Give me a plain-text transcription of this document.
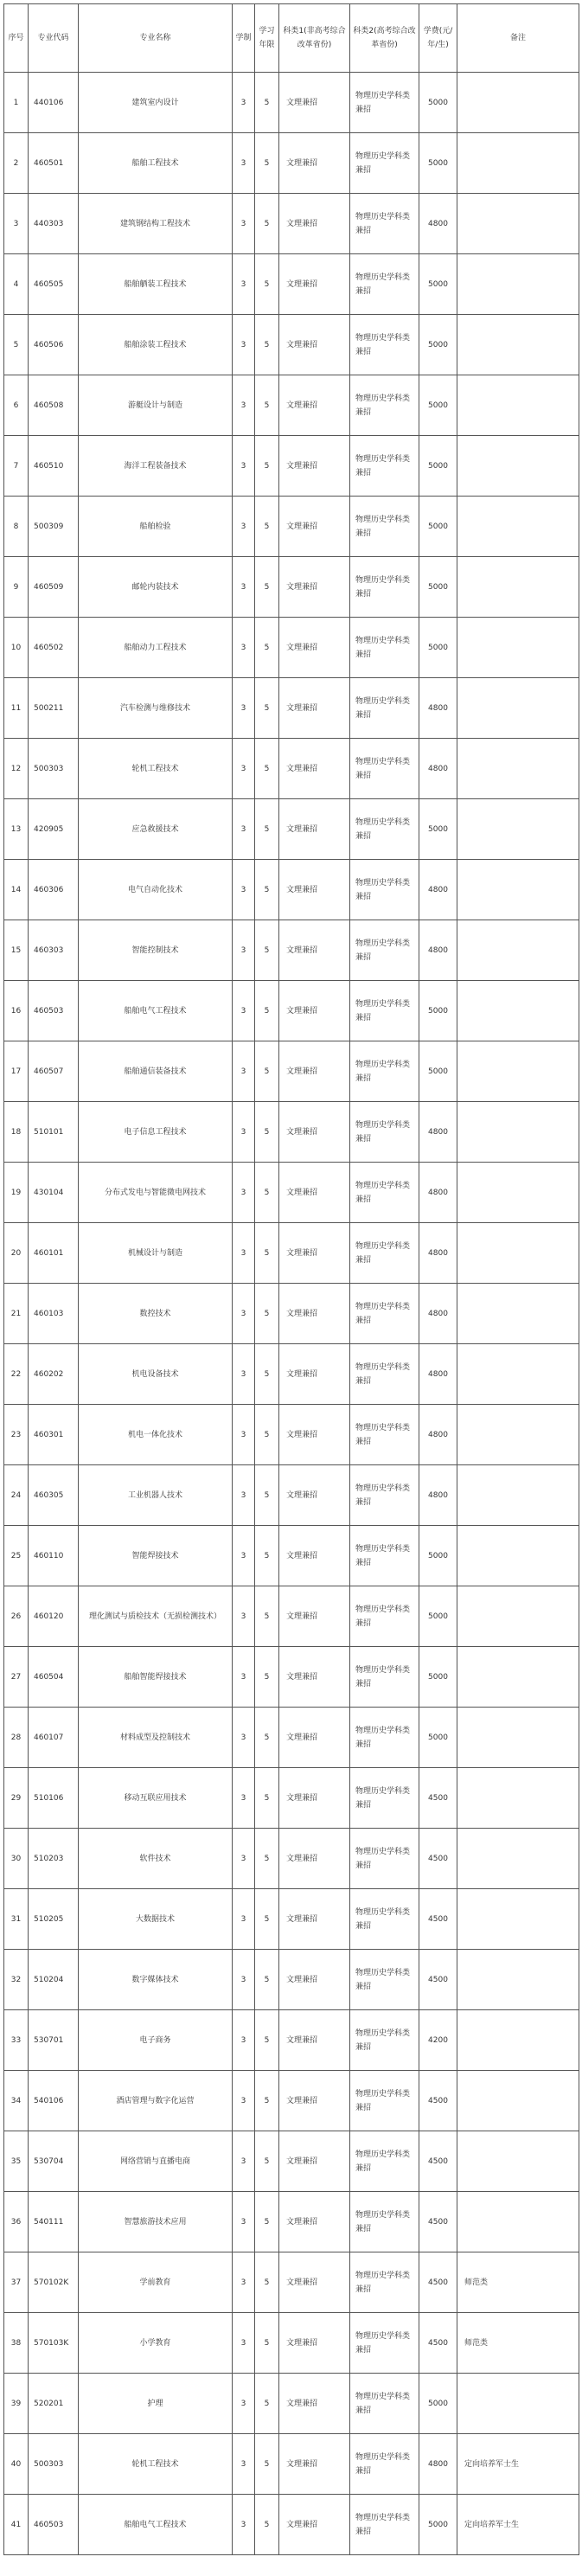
序号	专业代码	专业名称	学制	学习年限	科类1(非高考综合改革省份)	科类2(高考综合改革省份)	学费(元/年/生)	备注
1	440106	建筑室内设计	3	5	文理兼招	物理历史学科类兼招	5000	
2	460501	船舶工程技术	3	5	文理兼招	物理历史学科类兼招	5000	
3	440303	建筑钢结构工程技术	3	5	文理兼招	物理历史学科类兼招	4800	
4	460505	船舶舾装工程技术	3	5	文理兼招	物理历史学科类兼招	5000	
5	460506	船舶涂装工程技术	3	5	文理兼招	物理历史学科类兼招	5000	
6	460508	游艇设计与制造	3	5	文理兼招	物理历史学科类兼招	5000	
7	460510	海洋工程装备技术	3	5	文理兼招	物理历史学科类兼招	5000	
8	500309	船舶检验	3	5	文理兼招	物理历史学科类兼招	5000	
9	460509	邮轮内装技术	3	5	文理兼招	物理历史学科类兼招	5000	
10	460502	船舶动力工程技术	3	5	文理兼招	物理历史学科类兼招	5000	
11	500211	汽车检测与维修技术	3	5	文理兼招	物理历史学科类兼招	4800	
12	500303	轮机工程技术	3	5	文理兼招	物理历史学科类兼招	4800	
13	420905	应急救援技术	3	5	文理兼招	物理历史学科类兼招	5000	
14	460306	电气自动化技术	3	5	文理兼招	物理历史学科类兼招	4800	
15	460303	智能控制技术	3	5	文理兼招	物理历史学科类兼招	4800	
16	460503	船舶电气工程技术	3	5	文理兼招	物理历史学科类兼招	5000	
17	460507	船舶通信装备技术	3	5	文理兼招	物理历史学科类兼招	5000	
18	510101	电子信息工程技术	3	5	文理兼招	物理历史学科类兼招	4800	
19	430104	分布式发电与智能微电网技术	3	5	文理兼招	物理历史学科类兼招	4800	
20	460101	机械设计与制造	3	5	文理兼招	物理历史学科类兼招	4800	
21	460103	数控技术	3	5	文理兼招	物理历史学科类兼招	4800	
22	460202	机电设备技术	3	5	文理兼招	物理历史学科类兼招	4800	
23	460301	机电一体化技术	3	5	文理兼招	物理历史学科类兼招	4800	
24	460305	工业机器人技术	3	5	文理兼招	物理历史学科类兼招	4800	
25	460110	智能焊接技术	3	5	文理兼招	物理历史学科类兼招	5000	
26	460120	理化测试与质检技术（无损检测技术）	3	5	文理兼招	物理历史学科类兼招	5000	
27	460504	船舶智能焊接技术	3	5	文理兼招	物理历史学科类兼招	5000	
28	460107	材料成型及控制技术	3	5	文理兼招	物理历史学科类兼招	5000	
29	510106	移动互联应用技术	3	5	文理兼招	物理历史学科类兼招	4500	
30	510203	软件技术	3	5	文理兼招	物理历史学科类兼招	4500	
31	510205	大数据技术	3	5	文理兼招	物理历史学科类兼招	4500	
32	510204	数字媒体技术	3	5	文理兼招	物理历史学科类兼招	4500	
33	530701	电子商务	3	5	文理兼招	物理历史学科类兼招	4200	
34	540106	酒店管理与数字化运营	3	5	文理兼招	物理历史学科类兼招	4500	
35	530704	网络营销与直播电商	3	5	文理兼招	物理历史学科类兼招	4500	
36	540111	智慧旅游技术应用	3	5	文理兼招	物理历史学科类兼招	4500	
37	570102K	学前教育	3	5	文理兼招	物理历史学科类兼招	4500	师范类
38	570103K	小学教育	3	5	文理兼招	物理历史学科类兼招	4500	师范类
39	520201	护理	3	5	文理兼招	物理历史学科类兼招	5000	
40	500303	轮机工程技术	3	5	文理兼招	物理历史学科类兼招	4800	定向培养军士生
41	460503	船舶电气工程技术	3	5	文理兼招	物理历史学科类兼招	5000	定向培养军士生
